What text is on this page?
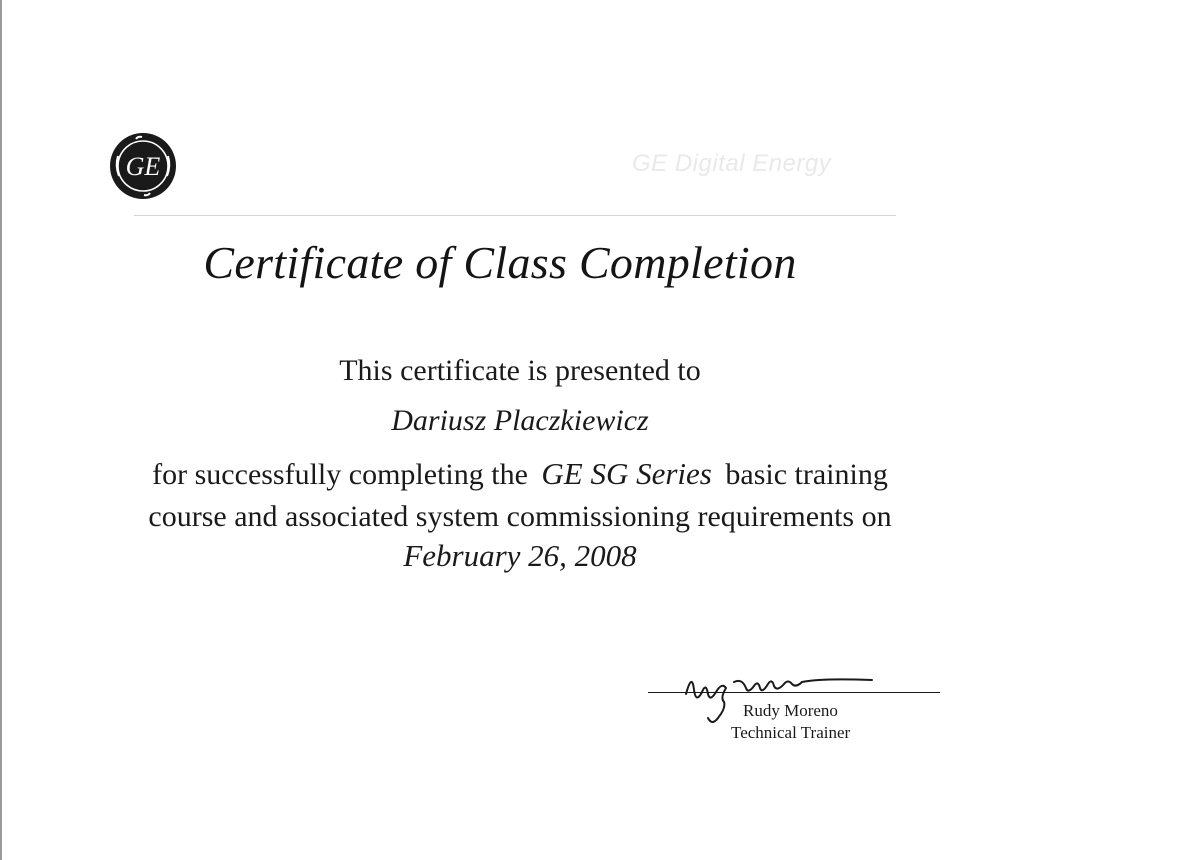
GE	GE Digital Energy
Certificate of Class Completion
This certificate is presented to
Dariusz Placzkiewicz
for successfully completing the GE SG Series basic training
course and associated system commissioning requirements on
February 26, 2008
Rudy Moreno
Technical Trainer
